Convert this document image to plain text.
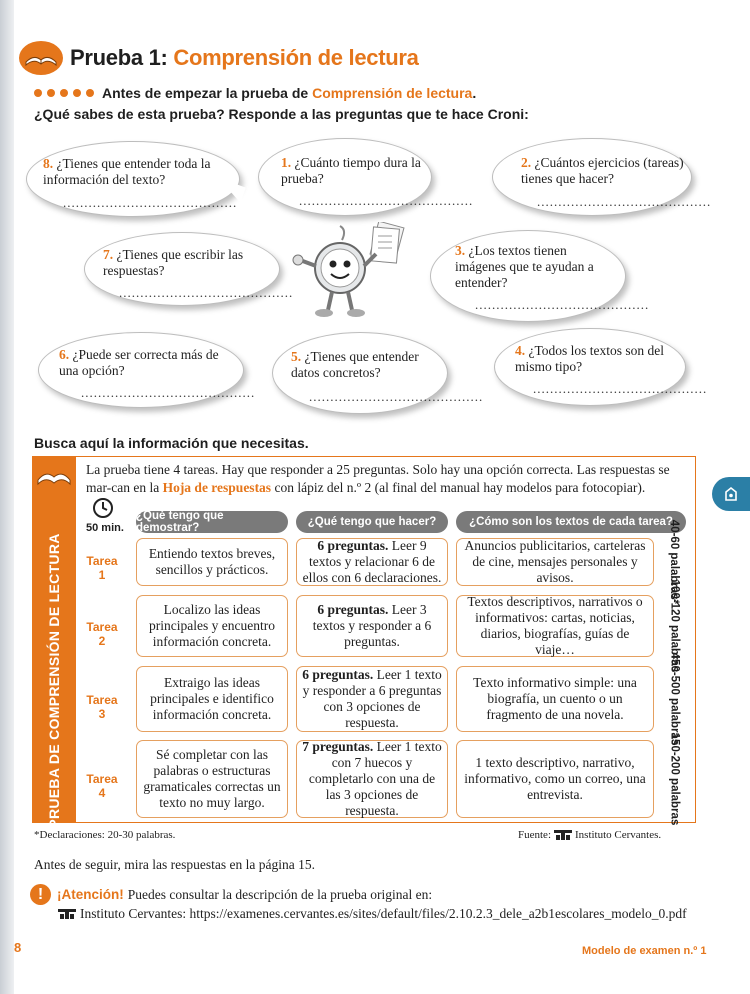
Prueba 1: Comprensión de lectura
Antes de empezar la prueba de
Comprensión de lectura .
¿Qué sabes de esta prueba? Responde a las preguntas que te hace Croni:
8. ¿Tienes que entender toda la información del texto?
.........................................
1. ¿Cuánto tiempo dura la prueba?
.........................................
2. ¿Cuántos ejercicios (tareas) tienes que hacer?
.........................................
7. ¿Tienes que escribir las respuestas?
.........................................
3. ¿Los textos tienen imágenes que te ayudan a entender?
.........................................
6. ¿Puede ser correcta más de una opción?
.........................................
5. ¿Tienes que entender datos concretos?
.........................................
4. ¿Todos los textos son del mismo tipo?
.........................................
Busca aquí la información que necesitas.
PRUEBA DE COMPRENSIÓN DE LECTURA
La prueba tiene 4 tareas. Hay que responder a 25 preguntas. Solo hay una opción correcta. Las respuestas se mar-can en la Hoja de respuestas con lápiz del n.º 2 (al final del manual hay modelos para fotocopiar).
50 min.
¿Qué tengo que demostrar?	¿Qué tengo que hacer?	¿Cómo son los textos de cada tarea?
Tarea 1
Entiendo textos breves, sencillos y prácticos.
6 preguntas. Leer 9 textos y relacionar 6 de ellos con 6 declaraciones.
Anuncios publicitarios, carteleras de cine, mensajes personales y avisos.	40-60 palabras*
Tarea 2
Localizo las ideas principales y encuentro información concreta.
6 preguntas. Leer 3 textos y responder a 6 preguntas.
Textos descriptivos, narrativos o informativos: cartas, noticias, diarios, biografías, guías de viaje…	100-120 palabras
Tarea 3
Extraigo las ideas principales e identifico información concreta.
6 preguntas. Leer 1 texto y responder a 6 preguntas con 3 opciones de respuesta.
Texto informativo simple: una biografía, un cuento o un fragmento de una novela.	450-500 palabras
Tarea 4
Sé completar con las palabras o estructuras gramaticales correctas un texto no muy largo.
7 preguntas. Leer 1 texto con 7 huecos y completarlo con una de las 3 opciones de respuesta.
1 texto descriptivo, narrativo, informativo, como un correo, una entrevista.	150-200 palabras
*Declaraciones: 20-30 palabras.	Fuente: Instituto Cervantes.
Antes de seguir, mira las respuestas en la página 15.
!	¡Atención! Puedes consultar la descripción de la prueba original en:
Instituto Cervantes: https://examenes.cervantes.es/sites/default/files/2.10.2.3_dele_a2b1escolares_modelo_0.pdf
8	Modelo de examen n.º 1
